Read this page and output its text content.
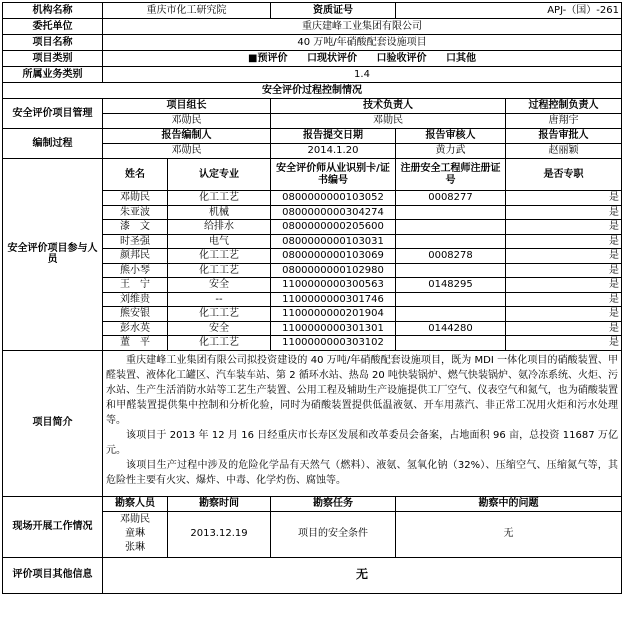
机构名称	重庆市化工研究院		资质证号	APJ-（国）-261	
委托单位	重庆建峰工业集团有限公司				
项目名称	40 万吨/年硝酸配套设施项目				
项目类别	■预评价 口现状评价 口验收评价 口其他				
所属业务类别	1.4				
安全评价过程控制情况					
安全评价项目管理	项目组长		技术负责人		过程控制负责人
	邓勋民		邓勋民		唐翔宇
编制过程	报告编制人		报告提交日期	报告审核人	报告审批人
	邓勋民		2014.1.20	黄力武	赵丽颖
安全评价项目参与人员	姓名	认定专业	安全评价师从业识别卡/证书编号	注册安全工程师注册证号	是否专职
	邓勋民	化工工艺	0800000000103052	0008277	是
	朱亚波	机械	0800000000304274		是
	漆　文	给排水	0800000000205600		是
	时圣强	电气	0800000000103031		是
	颜邦民	化工工艺	0800000000103069	0008278	是
	熊小琴	化工工艺	0800000000102980		是
	王　宁	安全	1100000000300563	0148295	是
	刘维贵	--	1100000000301746		是
	熊安银	化工工艺	1100000000201904		是
	彭水英	安全	1100000000301301	0144280	是
	董　平	化工工艺	1100000000303102		是
项目简介	重庆建峰工业集团有限公司拟投资建设的 40 万吨/年硝酸配套设施项目，既为 MDI 一体化项目的硝酸装置、甲醛装置、液体化工罐区、汽车装车站、第 2 循环水站、热岛 20 吨快装锅炉、燃气快装锅炉、氨冷冻系统、火炬、污水站、生产生活消防水站等工艺生产装置、公用工程及辅助生产设施提供工厂空气、仪表空气和氮气，也为硝酸装置和甲醛装置提供集中控制和分析化验，同时为硝酸装置提供低温液氨、开车用蒸汽、非正常工况用火炬和污水处理等。

该项目于 2013 年 12 月 16 日经重庆市长寿区发展和改革委员会备案，占地面积 96 亩，总投资 11687 万亿元。

该项目生产过程中涉及的危险化学品有天然气（燃料）、液氨、氢氧化钠（32%）、压缩空气、压缩氮气等，其危险性主要有火灾、爆炸、中毒、化学灼伤、腐蚀等。				

现场开展工作情况	勘察人员	勘察时间	勘察任务	勘察中的问题	

	邓勋民
童琳
张琳	2013.12.19	项目的安全条件	无	
评价项目其他信息	无				
